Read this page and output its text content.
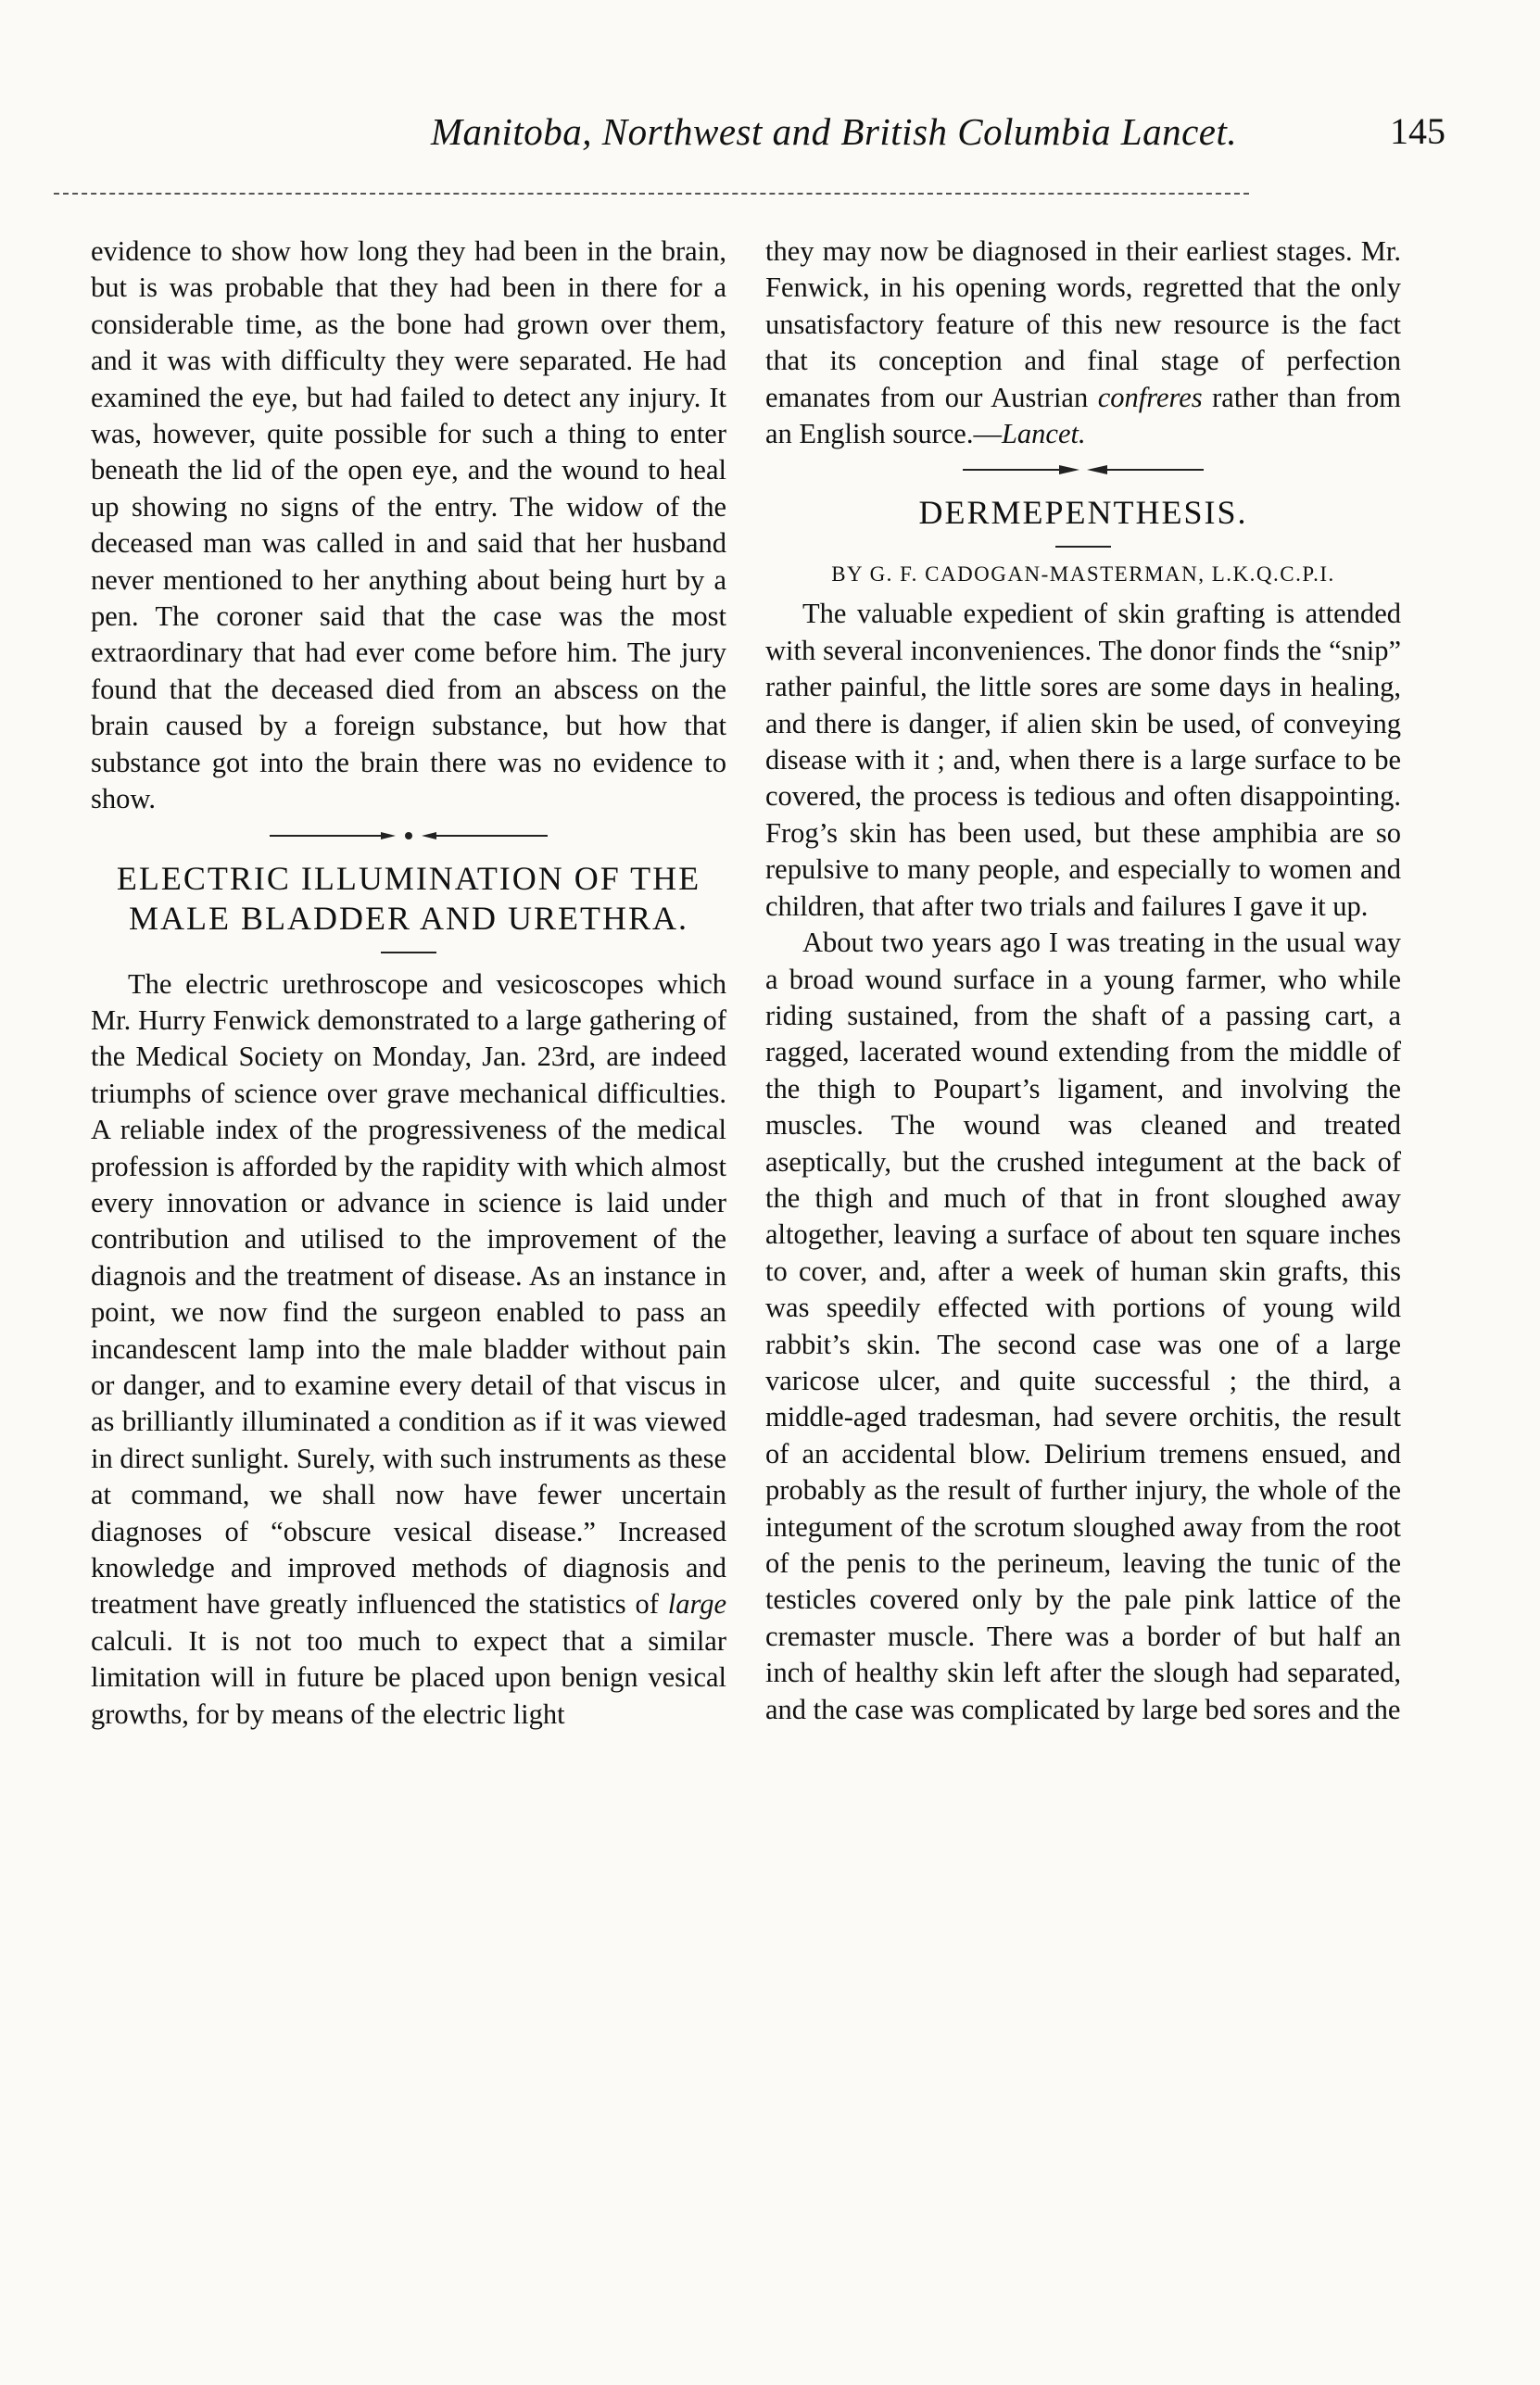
Manitoba, Northwest and British Columbia Lancet.	145

evidence to show how long they had been in the brain, but is was probable that they had been in there for a considerable time, as the bone had grown over them, and it was with difficulty they were separated. He had examined the eye, but had failed to detect any injury. It was, however, quite possible for such a thing to enter beneath the lid of the open eye, and the wound to heal up showing no signs of the entry. The widow of the deceased man was called in and said that her husband never mentioned to her anything about being hurt by a pen. The coroner said that the case was the most extraordinary that had ever come before him. The jury found that the deceased died from an abscess on the brain caused by a foreign substance, but how that substance got into the brain there was no evidence to show.

ELECTRIC ILLUMINATION OF THE MALE BLADDER AND URETHRA.

The electric urethroscope and vesicoscopes which Mr. Hurry Fenwick demonstrated to a large gathering of the Medical Society on Monday, Jan. 23rd, are indeed triumphs of science over grave mechanical difficulties. A reliable index of the progressiveness of the medical profession is afforded by the rapidity with which almost every innovation or advance in science is laid under contribution and utilised to the improvement of the diagnois and the treatment of disease. As an instance in point, we now find the surgeon enabled to pass an incandescent lamp into the male bladder without pain or danger, and to examine every detail of that viscus in as brilliantly illuminated a condition as if it was viewed in direct sunlight. Surely, with such instruments as these at command, we shall now have fewer uncertain diagnoses of “obscure vesical disease.” Increased knowledge and improved methods of diagnosis and treatment have greatly influenced the statistics of large calculi. It is not too much to expect that a similar limitation will in future be placed upon benign vesical growths, for by means of the electric light

they may now be diagnosed in their earliest stages. Mr. Fenwick, in his opening words, regretted that the only unsatisfactory feature of this new resource is the fact that its conception and final stage of perfection emanates from our Austrian confreres rather than from an English source.—Lancet.

DERMEPENTHESIS.
BY G. F. CADOGAN-MASTERMAN, L.K.Q.C.P.I.

The valuable expedient of skin grafting is attended with several inconveniences. The donor finds the “snip” rather painful, the little sores are some days in healing, and there is danger, if alien skin be used, of conveying disease with it ; and, when there is a large surface to be covered, the process is tedious and often disappointing. Frog’s skin has been used, but these amphibia are so repulsive to many people, and especially to women and children, that after two trials and failures I gave it up.

About two years ago I was treating in the usual way a broad wound surface in a young farmer, who while riding sustained, from the shaft of a passing cart, a ragged, lacerated wound extending from the middle of the thigh to Poupart’s ligament, and involving the muscles. The wound was cleaned and treated aseptically, but the crushed integument at the back of the thigh and much of that in front sloughed away altogether, leaving a surface of about ten square inches to cover, and, after a week of human skin grafts, this was speedily effected with portions of young wild rabbit’s skin. The second case was one of a large varicose ulcer, and quite successful ; the third, a middle-aged tradesman, had severe orchitis, the result of an accidental blow. Delirium tremens ensued, and probably as the result of further injury, the whole of the integument of the scrotum sloughed away from the root of the penis to the perineum, leaving the tunic of the testicles covered only by the pale pink lattice of the cremaster muscle. There was a border of but half an inch of healthy skin left after the slough had separated, and the case was complicated by large bed sores and the
